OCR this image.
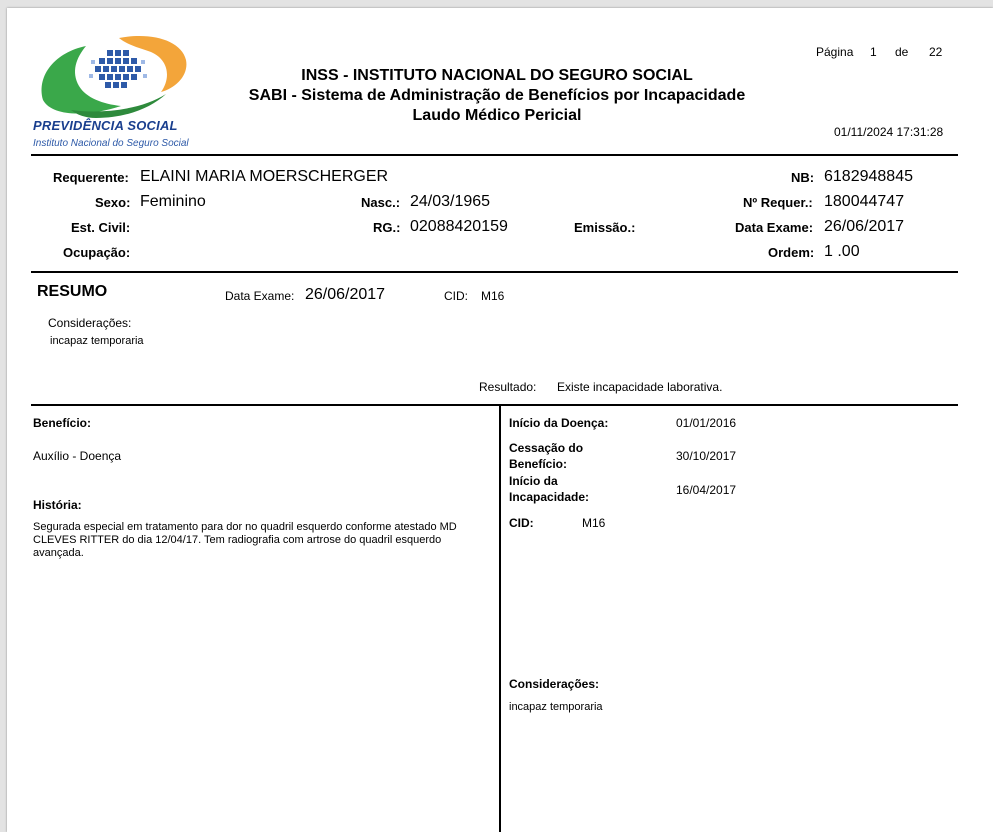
PREVIDÊNCIA SOCIAL
Instituto Nacional do Seguro Social
INSS - INSTITUTO NACIONAL DO SEGURO SOCIAL
SABI - Sistema de Administração de Benefícios por Incapacidade
Laudo Médico Pericial
Página 1 de 22
01/11/2024 17:31:28
Requerente: ELAINI MARIA MOERSCHERGER
Sexo: Feminino	Nasc.: 24/03/1965
Est. Civil:	RG.: 02088420159	Emissão.:
Ocupação:
NB: 6182948845
Nº Requer.: 180044747
Data Exame: 26/06/2017
Ordem: 1 .00
RESUMO	Data Exame: 26/06/2017	CID: M16
Considerações:
incapaz temporaria
Resultado: Existe incapacidade laborativa.
Benefício:
Auxílio - Doença
História:
Segurada especial em tratamento para dor no quadril esquerdo conforme atestado MD
CLEVES RITTER do dia 12/04/17. Tem radiografia com artrose do quadril esquerdo
avançada.
Início da Doença:	01/01/2016
Cessação do
Benefício:
30/10/2017
Início da
Incapacidade:	16/04/2017
CID:	M16
Considerações:
incapaz temporaria
